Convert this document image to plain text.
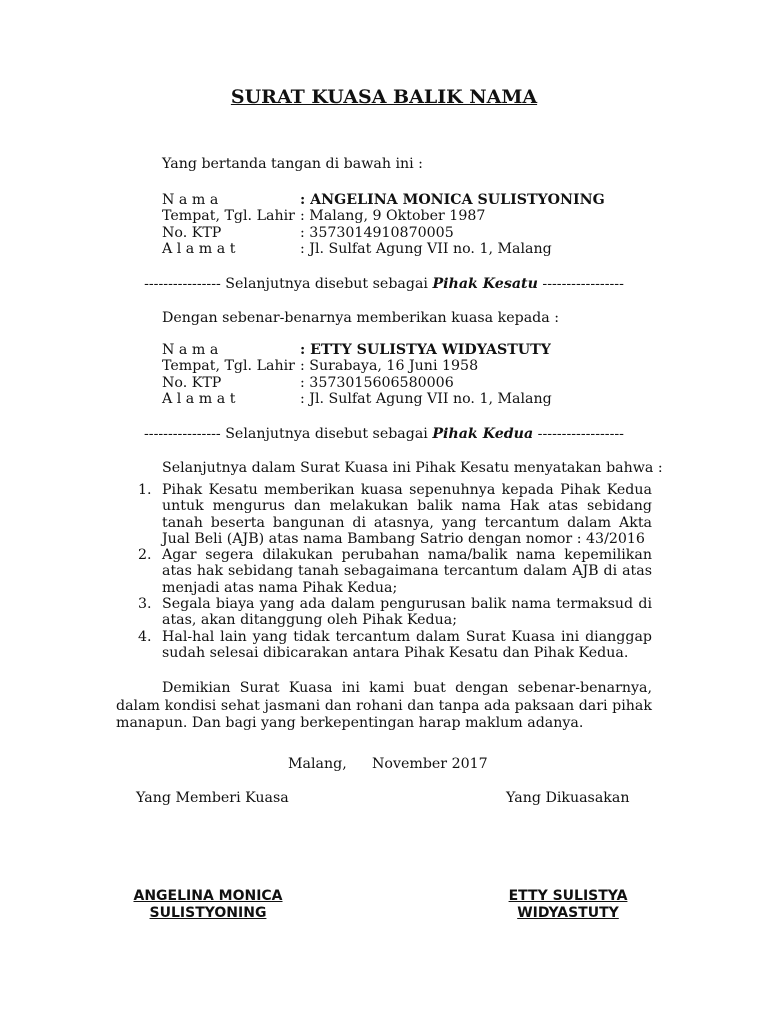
SURAT KUASA BALIK NAMA
Yang bertanda tangan di bawah ini :
N a m a	: ANGELINA MONICA SULISTYONING
Tempat, Tgl. Lahir : Malang, 9 Oktober 1987
No. KTP	: 3573014910870005
A l a m a t	: Jl. Sulfat Agung VII no. 1, Malang
---------------- Selanjutnya disebut sebagai Pihak Kesatu -----------------
Dengan sebenar-benarnya memberikan kuasa kepada :
N a m a	: ETTY SULISTYA WIDYASTUTY
Tempat, Tgl. Lahir : Surabaya, 16 Juni 1958
No. KTP	: 3573015606580006
A l a m a t	: Jl. Sulfat Agung VII no. 1, Malang
---------------- Selanjutnya disebut sebagai Pihak Kedua ------------------
Selanjutnya dalam Surat Kuasa ini Pihak Kesatu menyatakan bahwa :
1. Pihak Kesatu memberikan kuasa sepenuhnya kepada Pihak Kedua untuk mengurus dan melakukan balik nama Hak atas sebidang tanah beserta bangunan di atasnya, yang tercantum dalam Akta Jual Beli (AJB) atas nama Bambang Satrio dengan nomor : 43/2016
2. Agar segera dilakukan perubahan nama/balik nama kepemilikan atas hak sebidang tanah sebagaimana tercantum dalam AJB di atas menjadi atas nama Pihak Kedua;
3. Segala biaya yang ada dalam pengurusan balik nama termaksud di atas, akan ditanggung oleh Pihak Kedua;
4. Hal-hal lain yang tidak tercantum dalam Surat Kuasa ini dianggap sudah selesai dibicarakan antara Pihak Kesatu dan Pihak Kedua.
Demikian Surat Kuasa ini kami buat dengan sebenar-benarnya, dalam kondisi sehat jasmani dan rohani dan tanpa ada paksaan dari pihak manapun. Dan bagi yang berkepentingan harap maklum adanya.
Malang, November 2017
Yang Memberi Kuasa	Yang Dikuasakan
ANGELINA MONICA
SULISTYONING
ETTY SULISTYA
WIDYASTUTY
